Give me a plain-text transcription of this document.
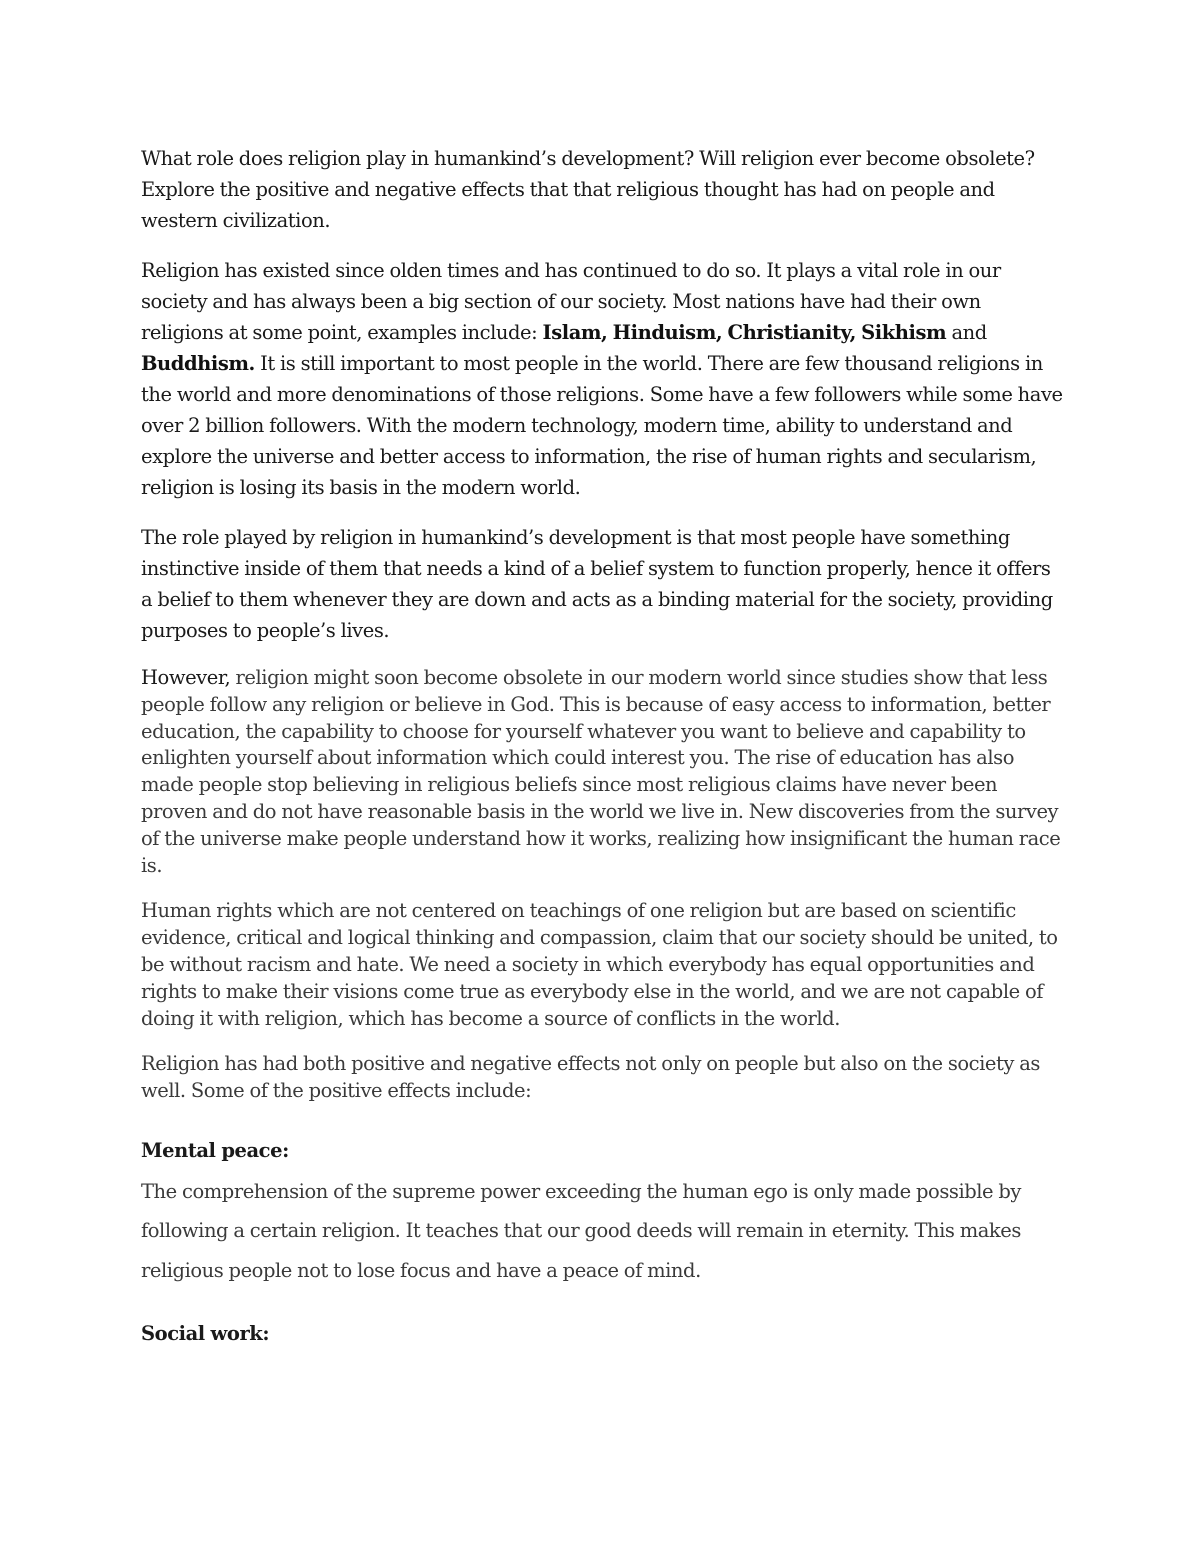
What role does religion play in humankind’s development? Will religion ever become obsolete? Explore the positive and negative effects that that religious thought has had on people and western civilization.

Religion has existed since olden times and has continued to do so. It plays a vital role in our society and has always been a big section of our society. Most nations have had their own religions at some point, examples include: Islam, Hinduism, Christianity, Sikhism and Buddhism. It is still important to most people in the world. There are few thousand religions in the world and more denominations of those religions. Some have a few followers while some have over 2 billion followers. With the modern technology, modern time, ability to understand and explore the universe and better access to information, the rise of human rights and secularism, religion is losing its basis in the modern world.

The role played by religion in humankind’s development is that most people have something instinctive inside of them that needs a kind of a belief system to function properly, hence it offers a belief to them whenever they are down and acts as a binding material for the society, providing purposes to people’s lives.

However, religion might soon become obsolete in our modern world since studies show that less people follow any religion or believe in God. This is because of easy access to information, better education, the capability to choose for yourself whatever you want to believe and capability to enlighten yourself about information which could interest you. The rise of education has also made people stop believing in religious beliefs since most religious claims have never been proven and do not have reasonable basis in the world we live in. New discoveries from the survey of the universe make people understand how it works, realizing how insignificant the human race is.

Human rights which are not centered on teachings of one religion but are based on scientific evidence, critical and logical thinking and compassion, claim that our society should be united, to be without racism and hate. We need a society in which everybody has equal opportunities and rights to make their visions come true as everybody else in the world, and we are not capable of doing it with religion, which has become a source of conflicts in the world.

Religion has had both positive and negative effects not only on people but also on the society as well. Some of the positive effects include:

Mental peace:

The comprehension of the supreme power exceeding the human ego is only made possible by following a certain religion. It teaches that our good deeds will remain in eternity. This makes religious people not to lose focus and have a peace of mind.

Social work:
